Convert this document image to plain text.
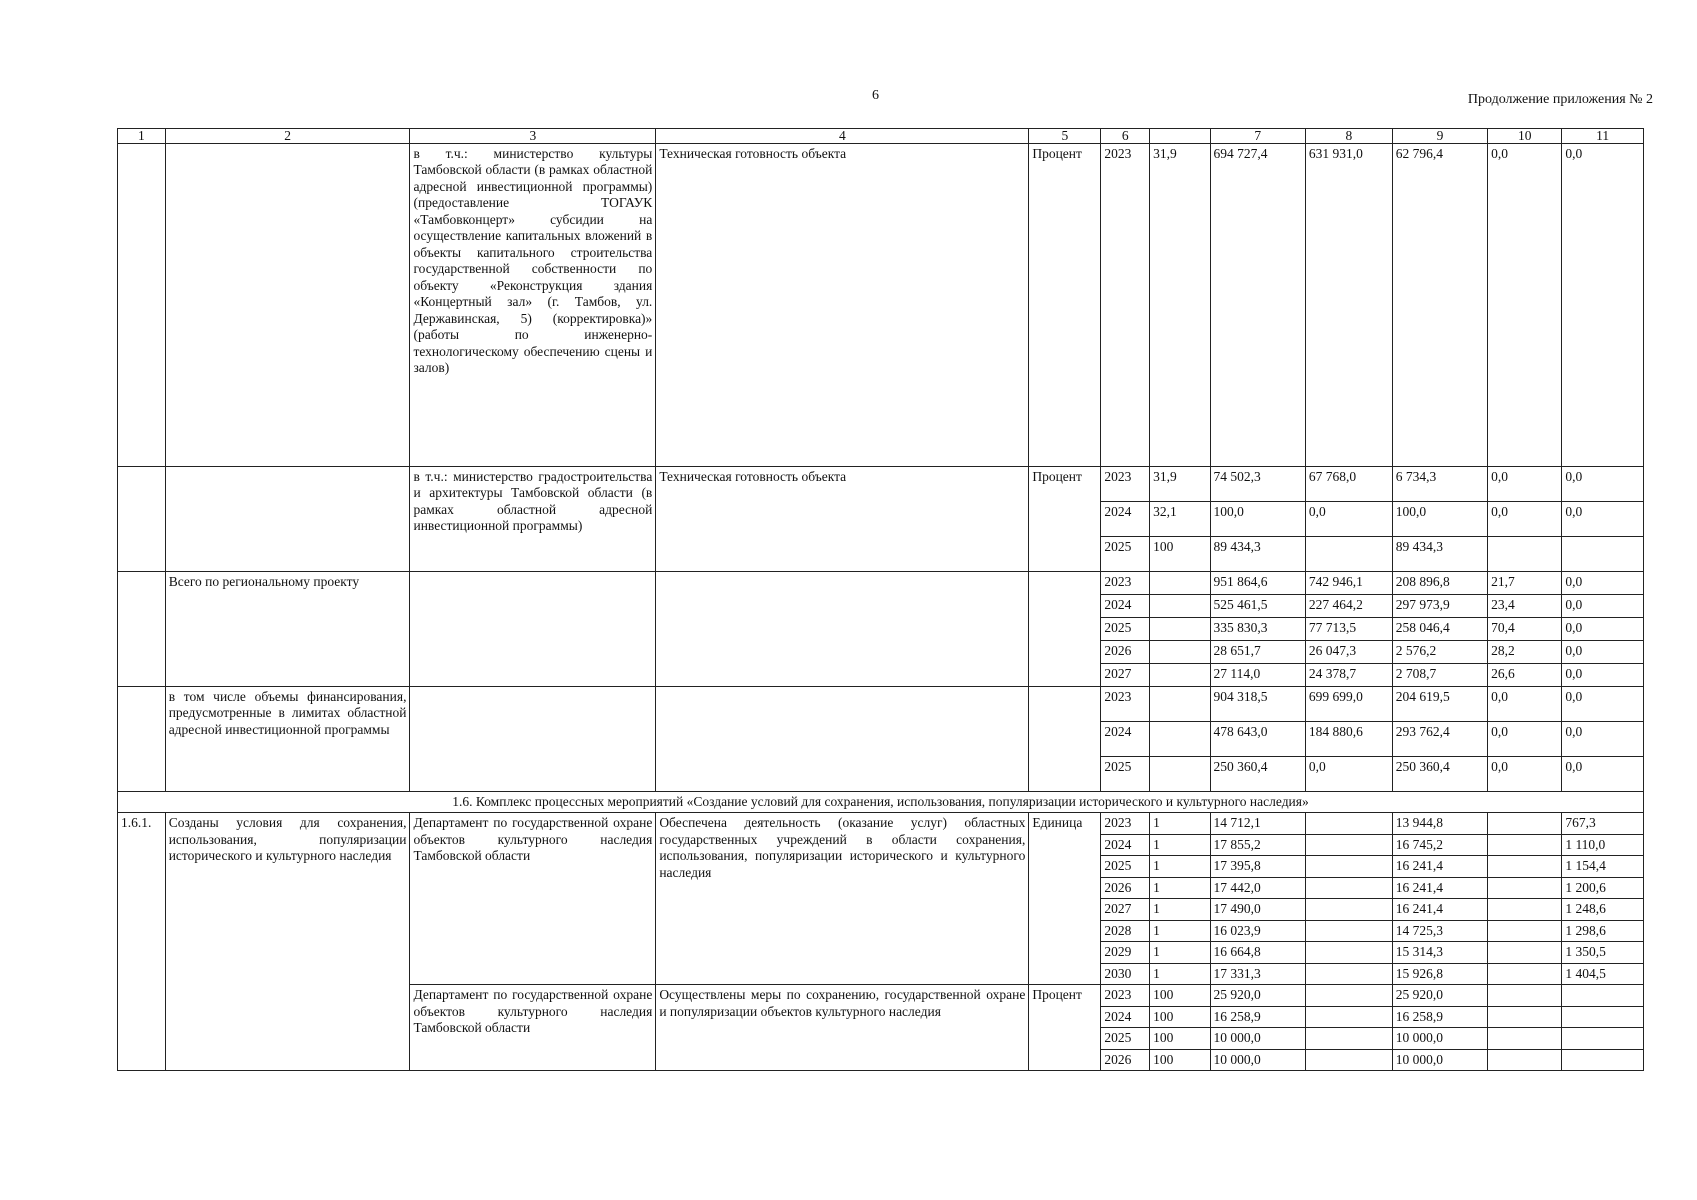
6	Продолжение приложения № 2
1	2	3	4	5	6		7	8	9	10	11
		в т.ч.: министерство культуры Тамбовской области (в рамках областной адресной инвестиционной программы) (предоставление ТОГАУК «Тамбовконцерт» субсидии на осуществление капитальных вложений в объекты капитального строительства государственной собственности по объекту «Реконструкция здания «Концертный зал» (г. Тамбов, ул. Державинская, 5) (корректировка)» (работы по инженерно-технологическому обеспечению сцены и залов)	Техническая готовность объекта	Процент	2023	31,9	694 727,4	631 931,0	62 796,4	0,0	0,0
		в т.ч.: министерство градостроительства и архитектуры Тамбовской области (в рамках областной адресной инвестиционной программы)	Техническая готовность объекта	Процент	2023	31,9	74 502,3	67 768,0	6 734,3	0,0	0,0
					2024	32,1	100,0	0,0	100,0	0,0	0,0
					2025	100	89 434,3		89 434,3		
	Всего по региональному проекту				2023		951 864,6	742 946,1	208 896,8	21,7	0,0
					2024		525 461,5	227 464,2	297 973,9	23,4	0,0
					2025		335 830,3	77 713,5	258 046,4	70,4	0,0
					2026		28 651,7	26 047,3	2 576,2	28,2	0,0
					2027		27 114,0	24 378,7	2 708,7	26,6	0,0
	в том числе объемы финансирования, предусмотренные в лимитах областной адресной инвестиционной программы				2023		904 318,5	699 699,0	204 619,5	0,0	0,0
					2024		478 643,0	184 880,6	293 762,4	0,0	0,0
					2025		250 360,4	0,0	250 360,4	0,0	0,0
1.6. Комплекс процессных мероприятий «Создание условий для сохранения, использования, популяризации исторического и культурного наследия»											
1.6.1.	Созданы условия для сохранения, использования, популяризации исторического и культурного наследия	Департамент по государственной охране объектов культурного наследия Тамбовской области	Обеспечена деятельность (оказание услуг) областных государственных учреждений в области сохранения, использования, популяризации исторического и культурного наследия	Единица	2023	1	14 712,1		13 944,8		767,3
					2024	1	17 855,2		16 745,2		1 110,0
					2025	1	17 395,8		16 241,4		1 154,4
					2026	1	17 442,0		16 241,4		1 200,6
					2027	1	17 490,0		16 241,4		1 248,6
					2028	1	16 023,9		14 725,3		1 298,6
					2029	1	16 664,8		15 314,3		1 350,5
					2030	1	17 331,3		15 926,8		1 404,5
		Департамент по государственной охране объектов культурного наследия Тамбовской области	Осуществлены меры по сохранению, государственной охране и популяризации объектов культурного наследия	Процент	2023	100	25 920,0		25 920,0		
					2024	100	16 258,9		16 258,9		
					2025	100	10 000,0		10 000,0		
					2026	100	10 000,0		10 000,0		
